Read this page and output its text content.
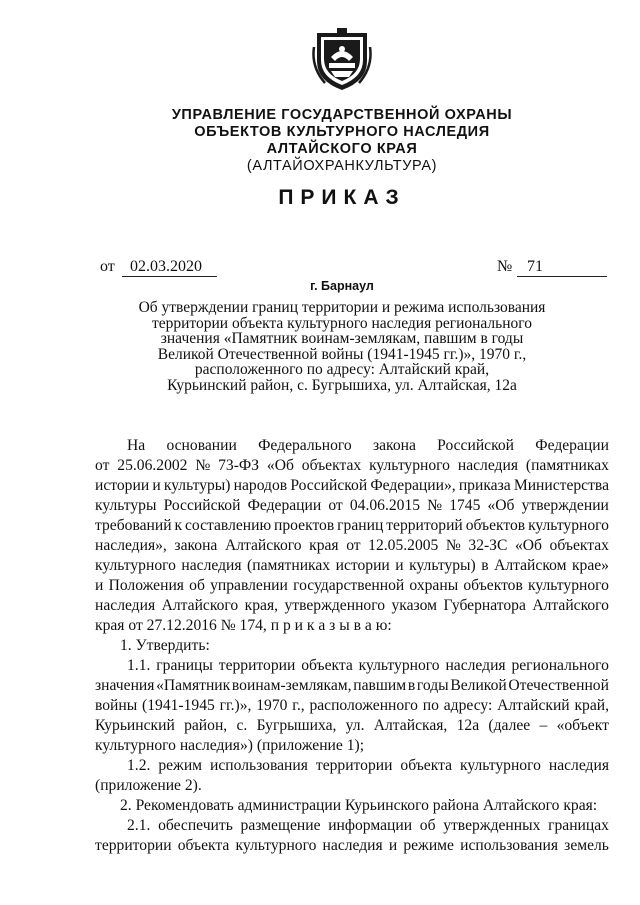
УПРАВЛЕНИЕ ГОСУДАРСТВЕННОЙ ОХРАНЫ
ОБЪЕКТОВ КУЛЬТУРНОГО НАСЛЕДИЯ
АЛТАЙСКОГО КРАЯ
(АЛТАЙОХРАНКУЛЬТУРА)
ПРИКАЗ
от 02.03.2020	№ 71
г. Барнаул
Об утверждении границ территории и режима использования
территории объекта культурного наследия регионального
значения «Памятник воинам-землякам, павшим в годы
Великой Отечественной войны (1941-1945 гг.)», 1970 г.,
расположенного по адресу: Алтайский край,
Курьинский район, с. Бугрышиха, ул. Алтайская, 12а
На основании Федерального закона Российской Федерации
от 25.06.2002 № 73-ФЗ «Об объектах культурного наследия (памятниках
истории и культуры) народов Российской Федерации», приказа Министерства
культуры Российской Федерации от 04.06.2015 № 1745 «Об утверждении
требований к составлению проектов границ территорий объектов культурного
наследия», закона Алтайского края от 12.05.2005 № 32-ЗС «Об объектах
культурного наследия (памятниках истории и культуры) в Алтайском крае»
и Положения об управлении государственной охраны объектов культурного
наследия Алтайского края, утвержденного указом Губернатора Алтайского
края от 27.12.2016 № 174, п р и к а з ы в а ю:
1. Утвердить:
1.1. границы территории объекта культурного наследия регионального
значения «Памятник воинам-землякам, павшим в годы Великой Отечественной
войны (1941-1945 гг.)», 1970 г., расположенного по адресу: Алтайский край,
Курьинский район, с. Бугрышиха, ул. Алтайская, 12а (далее – «объект
культурного наследия») (приложение 1);
1.2. режим использования территории объекта культурного наследия
(приложение 2).
2. Рекомендовать администрации Курьинского района Алтайского края:
2.1. обеспечить размещение информации об утвержденных границах
территории объекта культурного наследия и режиме использования земель
